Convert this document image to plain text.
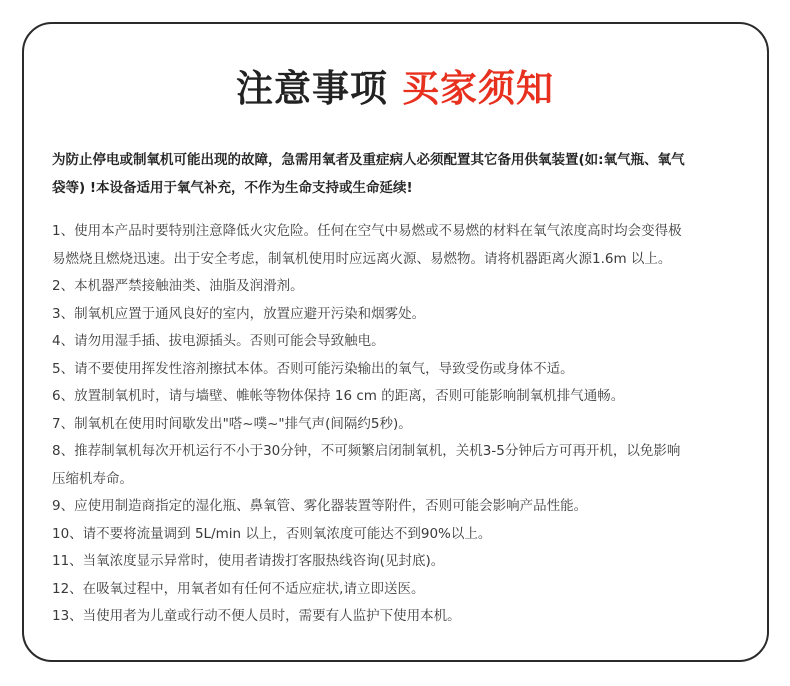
注意事项 买家须知
为防止停电或制氧机可能出现的故障，急需用氧者及重症病人必须配置其它备用供氧装置(如:氧气瓶、氧气
袋等) !本设备适用于氧气补充，不作为生命支持或生命延续!
1、使用本产品时要特别注意降低火灾危险。任何在空气中易燃或不易燃的材料在氧气浓度高时均会变得极
易燃烧且燃烧迅速。出于安全考虑，制氧机使用时应远离火源、易燃物。请将机器距离火源1.6m 以上。
2、本机器严禁接触油类、油脂及润滑剂。
3、制氧机应置于通风良好的室内，放置应避开污染和烟雾处。
4、请勿用湿手插、拔电源插头。否则可能会导致触电。
5、请不要使用挥发性溶剂擦拭本体。否则可能污染输出的氧气，导致受伤或身体不适。
6、放置制氧机时，请与墙壁、帷帐等物体保持 16 cm 的距离，否则可能影响制氧机排气通畅。
7、制氧机在使用时间歇发出"嗒~噗~"排气声(间隔约5秒)。
8、推荐制氧机每次开机运行不小于30分钟，不可频繁启闭制氧机，关机3-5分钟后方可再开机，以免影响
压缩机寿命。
9、应使用制造商指定的湿化瓶、鼻氧管、雾化器装置等附件，否则可能会影响产品性能。
10、请不要将流量调到 5L/min 以上，否则氧浓度可能达不到90%以上。
11、当氧浓度显示异常时，使用者请拨打客服热线咨询(见封底)。
12、在吸氧过程中，用氧者如有任何不适应症状,请立即送医。
13、当使用者为儿童或行动不便人员时，需要有人监护下使用本机。
